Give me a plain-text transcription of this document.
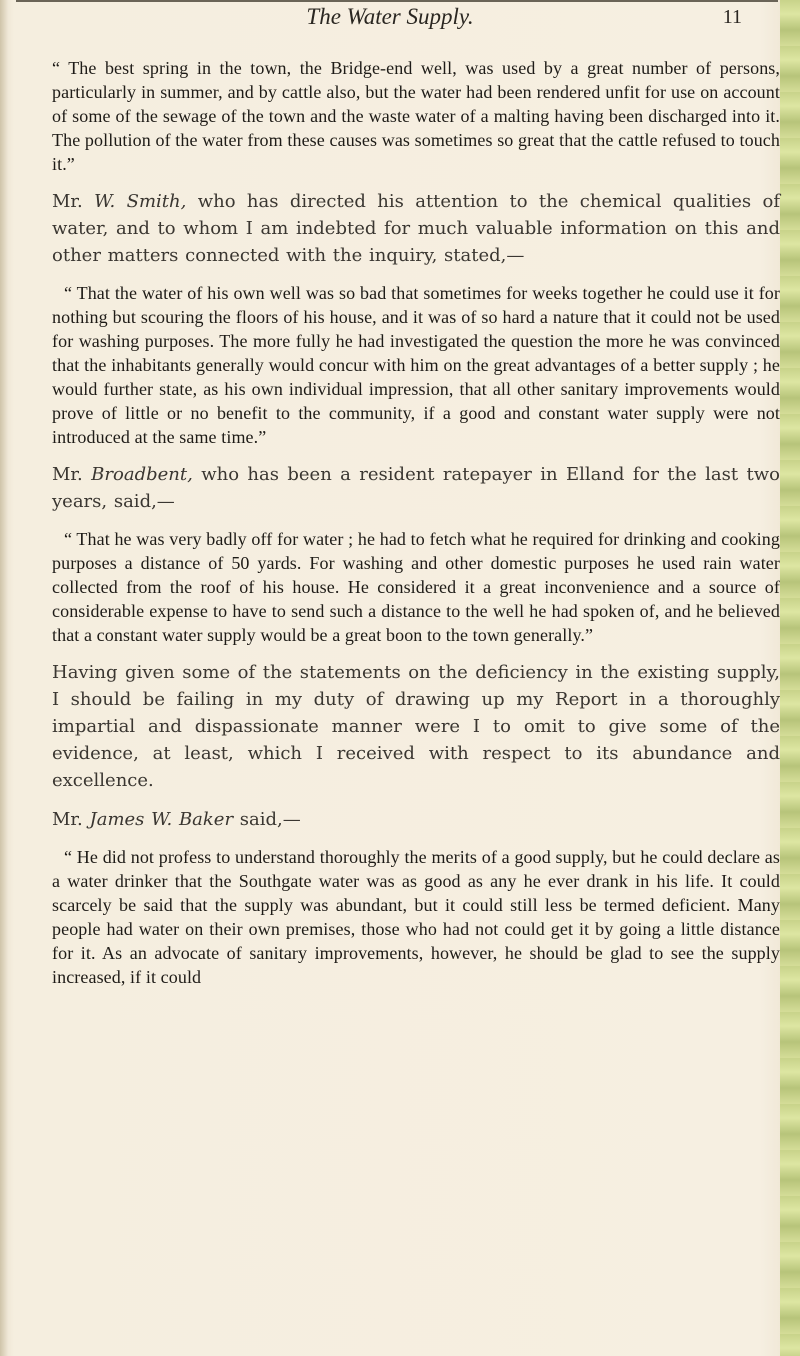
The Water Supply.	11

“ The best spring in the town, the Bridge-end well, was used by a great number of persons, particularly in summer, and by cattle also, but the water had been rendered unfit for use on account of some of the sewage of the town and the waste water of a malting having been discharged into it. The pollution of the water from these causes was sometimes so great that the cattle refused to touch it.”

Mr. W. Smith, who has directed his attention to the chemical qualities of water, and to whom I am indebted for much valuable information on this and other matters connected with the inquiry, stated,—

“ That the water of his own well was so bad that sometimes for weeks together he could use it for nothing but scouring the floors of his house, and it was of so hard a nature that it could not be used for washing purposes. The more fully he had investigated the question the more he was convinced that the inhabitants generally would concur with him on the great advantages of a better supply ; he would further state, as his own individual impression, that all other sanitary improvements would prove of little or no benefit to the community, if a good and constant water supply were not introduced at the same time.”

Mr. Broadbent, who has been a resident ratepayer in Elland for the last two years, said,—

“ That he was very badly off for water ; he had to fetch what he required for drinking and cooking purposes a distance of 50 yards. For washing and other domestic purposes he used rain water collected from the roof of his house. He considered it a great inconvenience and a source of considerable expense to have to send such a distance to the well he had spoken of, and he believed that a constant water supply would be a great boon to the town generally.”

Having given some of the statements on the deficiency in the existing supply, I should be failing in my duty of drawing up my Report in a thoroughly impartial and dispassionate manner were I to omit to give some of the evidence, at least, which I received with respect to its abundance and excellence.

Mr. James W. Baker said,—

“ He did not profess to understand thoroughly the merits of a good supply, but he could declare as a water drinker that the Southgate water was as good as any he ever drank in his life. It could scarcely be said that the supply was abundant, but it could still less be termed deficient. Many people had water on their own premises, those who had not could get it by going a little distance for it. As an advocate of sanitary improvements, however, he should be glad to see the supply increased, if it could
